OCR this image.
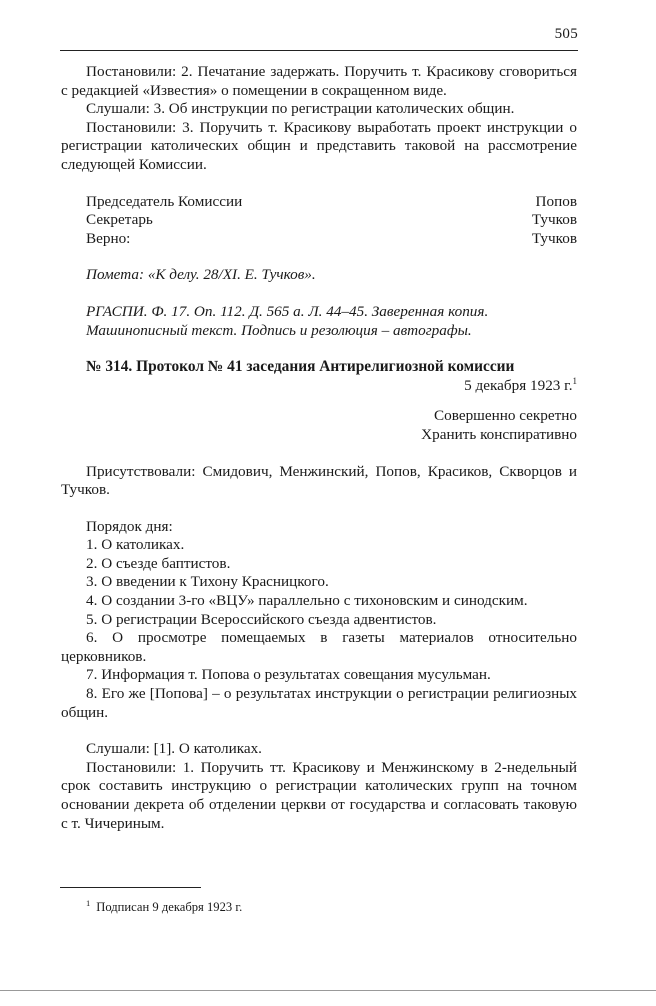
505

Постановили: 2. Печатание задержать. Поручить т. Красикову сговориться с редакцией «Известия» о помещении в сокращенном виде.

Слушали: 3. Об инструкции по регистрации католических общин.

Постановили: 3. Поручить т. Красикову выработать проект инструкции о регистрации католических общин и представить таковой на рассмотрение следующей Комиссии.

Председатель Комиссии	Попов
Секретарь	Тучков
Верно:	Тучков

Помета: «К делу. 28/XI. Е. Тучков».

РГАСПИ. Ф. 17. Оп. 112. Д. 565 а. Л. 44–45. Заверенная копия. Машинописный текст. Подпись и резолюция – автографы.

№ 314. Протокол № 41 заседания Антирелигиозной комиссии

5 декабря 1923 г.$^1$

Совершенно секретно

Хранить конспиративно

Присутствовали: Смидович, Менжинский, Попов, Красиков, Скворцов и Тучков.

Порядок дня:

1. О католиках.

2. О съезде баптистов.

3. О введении к Тихону Красницкого.

4. О создании 3-го «ВЦУ» параллельно с тихоновским и синодским.

5. О регистрации Всероссийского съезда адвентистов.

6. О просмотре помещаемых в газеты материалов относительно церковников.

7. Информация т. Попова о результатах совещания мусульман.

8. Его же [Попова] – о результатах инструкции о регистрации религиозных общин.

Слушали: [1]. О католиках.

Постановили: 1. Поручить тт. Красикову и Менжинскому в 2-недельный срок составить инструкцию о регистрации католических групп на точном основании декрета об отделении церкви от государства и согласовать таковую с т. Чичериным.

$^1$ Подписан 9 декабря 1923 г.
